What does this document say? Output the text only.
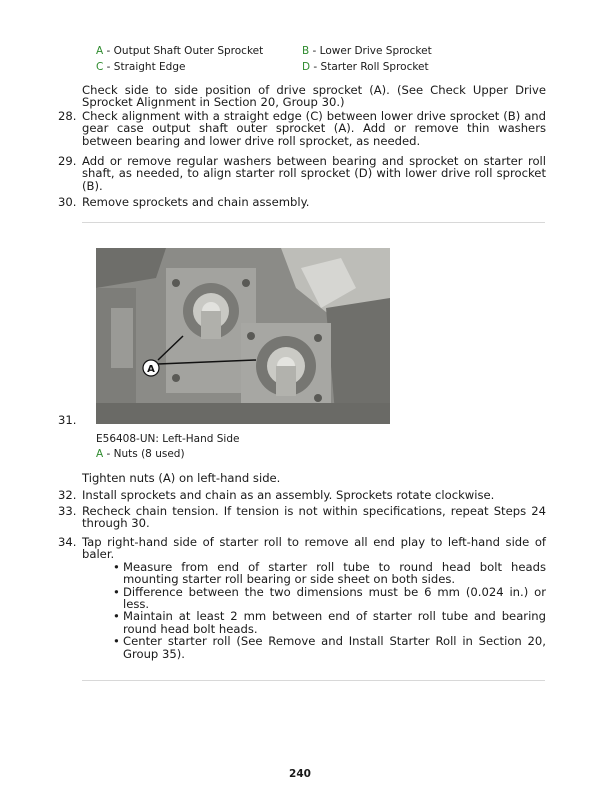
A - Output Shaft Outer Sprocket	B - Lower Drive Sprocket
C - Straight Edge	D - Starter Roll Sprocket
Check side to side position of drive sprocket (A). (See Check Upper Drive Sprocket Alignment in Section 20, Group 30.)
28. Check alignment with a straight edge (C) between lower drive sprocket (B) and gear case output shaft outer sprocket (A). Add or remove thin washers between bearing and lower drive roll sprocket, as needed.
29. Add or remove regular washers between bearing and sprocket on starter roll shaft, as needed, to align starter roll sprocket (D) with lower drive roll sprocket (B).
30. Remove sprockets and chain assembly.
A
31.
E56408-UN: Left-Hand Side
A - Nuts (8 used)
Tighten nuts (A) on left-hand side.
32. Install sprockets and chain as an assembly. Sprockets rotate clockwise.
33. Recheck chain tension. If tension is not within specifications, repeat Steps 24 through 30.
34. Tap right-hand side of starter roll to remove all end play to left-hand side of baler.
• Measure from end of starter roll tube to round head bolt heads mounting starter roll bearing or side sheet on both sides.
• Difference between the two dimensions must be 6 mm (0.024 in.) or less.
• Maintain at least 2 mm between end of starter roll tube and bearing round head bolt heads.
• Center starter roll (See Remove and Install Starter Roll in Section 20, Group 35).
240
